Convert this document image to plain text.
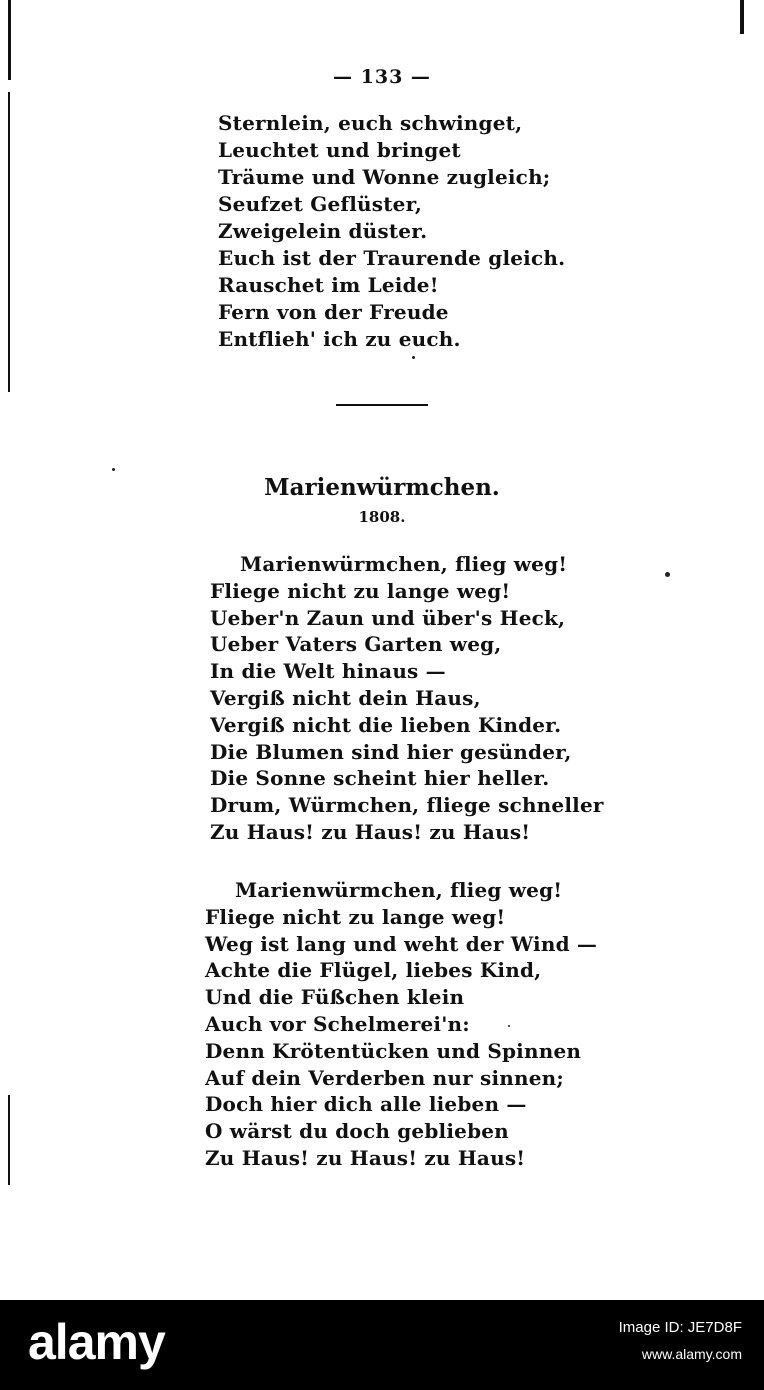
— 133 —
Sternlein, euch schwinget,
Leuchtet und bringet
Träume und Wonne zugleich;
Seufzet Geflüster,
Zweigelein düster.
Euch ist der Traurende gleich.
Rauschet im Leide!
Fern von der Freude
Entflieh' ich zu euch.
Marienwürmchen.
1808.
Marienwürmchen, flieg weg!
Fliege nicht zu lange weg!
Ueber'n Zaun und über's Heck,
Ueber Vaters Garten weg,
In die Welt hinaus —
Vergiß nicht dein Haus,
Vergiß nicht die lieben Kinder.
Die Blumen sind hier gesünder,
Die Sonne scheint hier heller.
Drum, Würmchen, fliege schneller
Zu Haus! zu Haus! zu Haus!
Marienwürmchen, flieg weg!
Fliege nicht zu lange weg!
Weg ist lang und weht der Wind —
Achte die Flügel, liebes Kind,
Und die Füßchen klein
Auch vor Schelmerei'n:
Denn Krötentücken und Spinnen
Auf dein Verderben nur sinnen;
Doch hier dich alle lieben —
O wärst du doch geblieben
Zu Haus! zu Haus! zu Haus!
alamy	Image ID: JE7D8F
www.alamy.com
